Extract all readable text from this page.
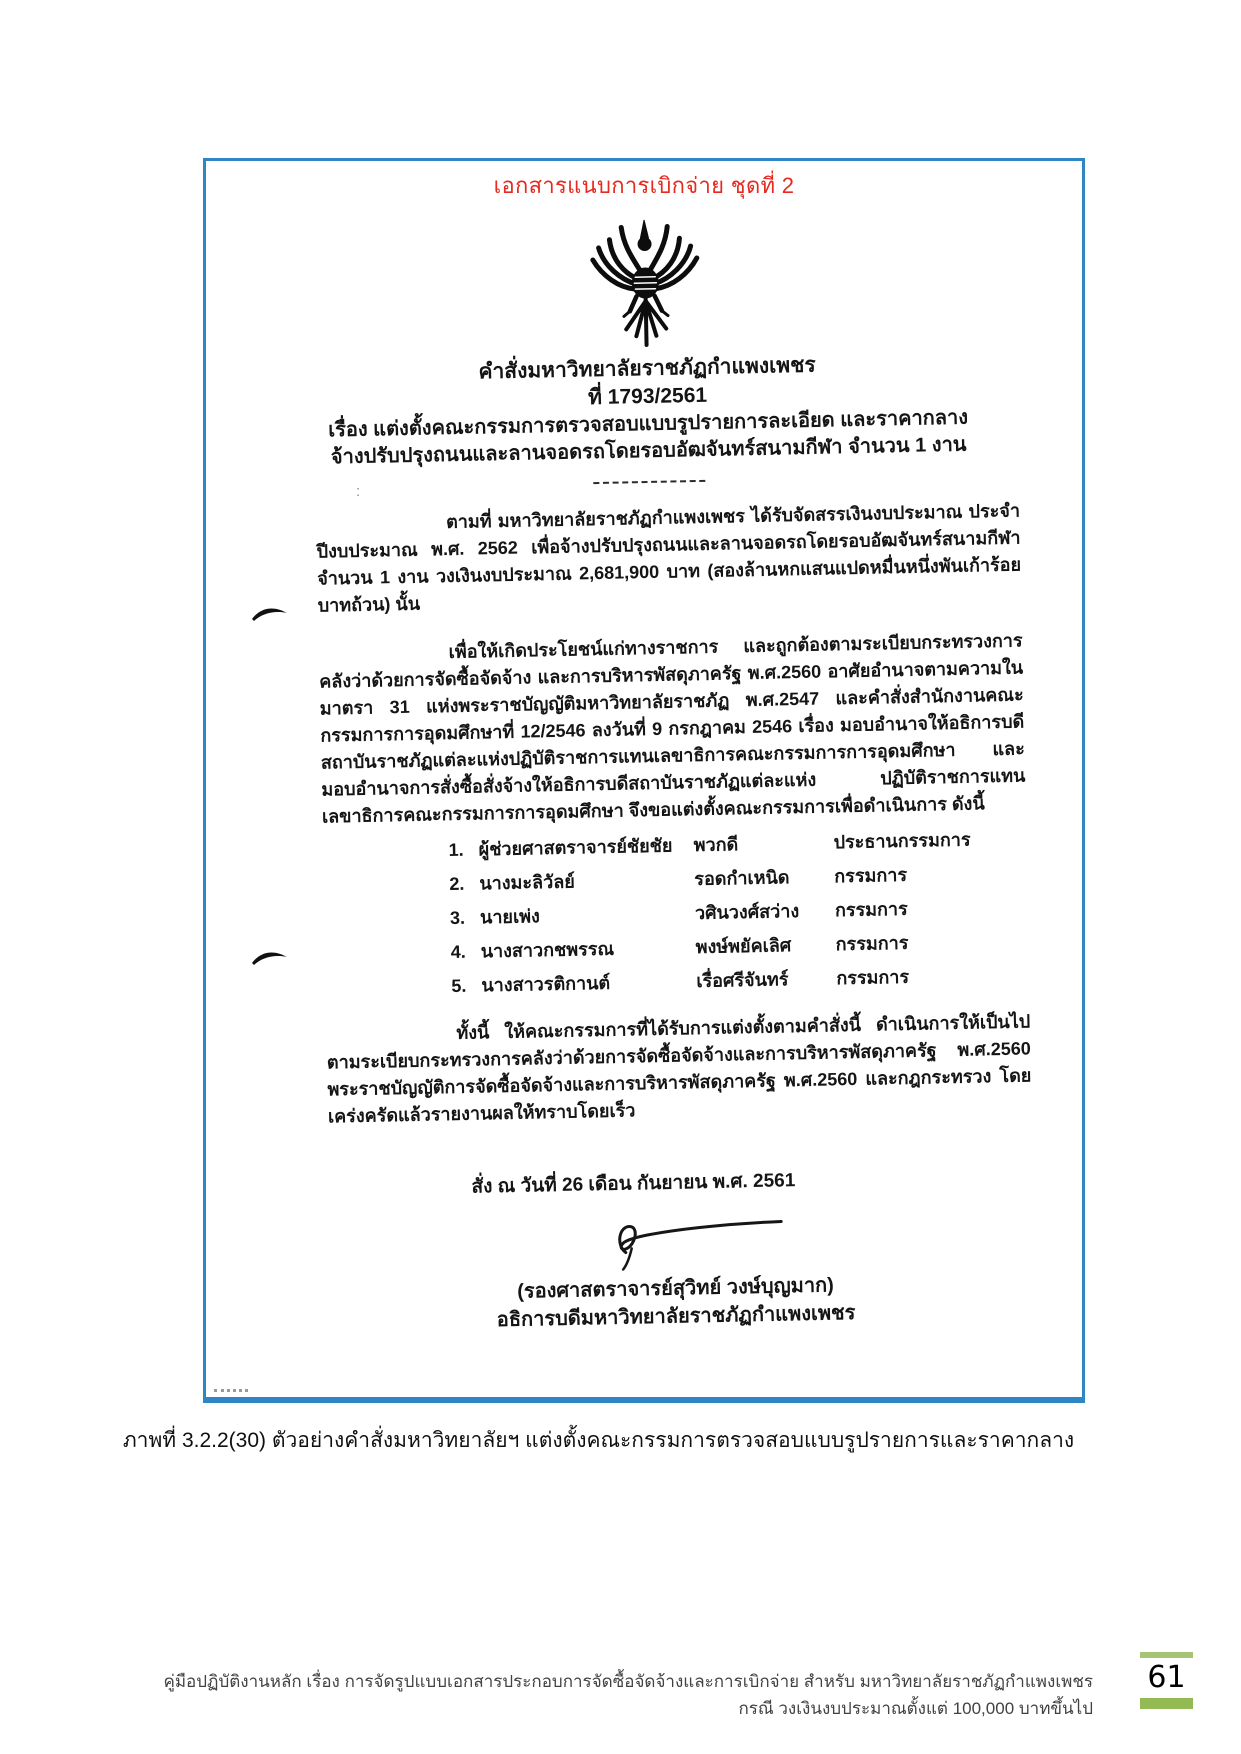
เอกสารแนบการเบิกจ่าย ชุดที่ 2
คำสั่งมหาวิทยาลัยราชภัฏกำแพงเพชร
ที่ 1793/2561
เรื่อง แต่งตั้งคณะกรรมการตรวจสอบแบบรูปรายการละเอียด และราคากลาง
จ้างปรับปรุงถนนและลานจอดรถโดยรอบอัฒจันทร์สนามกีฬา จำนวน 1 งาน

ตามที่ มหาวิทยาลัยราชภัฏกำแพงเพชร ได้รับจัดสรรเงินงบประมาณ ประจำปีงบประมาณ พ.ศ. 2562 เพื่อจ้างปรับปรุงถนนและลานจอดรถโดยรอบอัฒจันทร์สนามกีฬา จำนวน 1 งาน วงเงินงบประมาณ 2,681,900 บาท (สองล้านหกแสนแปดหมื่นหนึ่งพันเก้าร้อยบาทถ้วน) นั้น

เพื่อให้เกิดประโยชน์แก่ทางราชการ และถูกต้องตามระเบียบกระทรวงการคลังว่าด้วยการจัดซื้อจัดจ้าง และการบริหารพัสดุภาครัฐ พ.ศ.2560 อาศัยอำนาจตามความในมาตรา 31 แห่งพระราชบัญญัติมหาวิทยาลัยราชภัฏ พ.ศ.2547 และคำสั่งสำนักงานคณะกรรมการการอุดมศึกษาที่ 12/2546 ลงวันที่ 9 กรกฎาคม 2546 เรื่อง มอบอำนาจให้อธิการบดีสถาบันราชภัฏแต่ละแห่งปฏิบัติราชการแทนเลขาธิการคณะกรรมการการอุดมศึกษา และมอบอำนาจการสั่งซื้อสั่งจ้างให้อธิการบดีสถาบันราชภัฏแต่ละแห่ง ปฏิบัติราชการแทนเลขาธิการคณะกรรมการการอุดมศึกษา จึงขอแต่งตั้งคณะกรรมการเพื่อดำเนินการ ดังนี้

1. ผู้ช่วยศาสตราจารย์ชัยชัย	พวกดี	ประธานกรรมการ
2. นางมะลิวัลย์	รอดกำเหนิด	กรรมการ
3. นายเพ่ง	วศินวงศ์สว่าง	กรรมการ
4. นางสาวกชพรรณ	พงษ์พยัคเลิศ	กรรมการ
5. นางสาวรติกานต์	เรื่อศรีจันทร์	กรรมการ

ทั้งนี้ ให้คณะกรรมการที่ได้รับการแต่งตั้งตามคำสั่งนี้ ดำเนินการให้เป็นไปตามระเบียบกระทรวงการคลังว่าด้วยการจัดซื้อจัดจ้างและการบริหารพัสดุภาครัฐ พ.ศ.2560 พระราชบัญญัติการจัดซื้อจัดจ้างและการบริหารพัสดุภาครัฐ พ.ศ.2560 และกฎกระทรวง โดยเคร่งครัดแล้วรายงานผลให้ทราบโดยเร็ว

สั่ง ณ วันที่ 26 เดือน กันยายน พ.ศ. 2561
(รองศาสตราจารย์สุวิทย์ วงษ์บุญมาก)
อธิการบดีมหาวิทยาลัยราชภัฏกำแพงเพชร
:
ภาพที่ 3.2.2(30) ตัวอย่างคำสั่งมหาวิทยาลัยฯ แต่งตั้งคณะกรรมการตรวจสอบแบบรูปรายการและราคากลาง
คู่มือปฏิบัติงานหลัก เรื่อง การจัดรูปแบบเอกสารประกอบการจัดซื้อจัดจ้างและการเบิกจ่าย สำหรับ มหาวิทยาลัยราชภัฏกำแพงเพชร
กรณี วงเงินงบประมาณตั้งแต่ 100,000 บาทขึ้นไป
61
